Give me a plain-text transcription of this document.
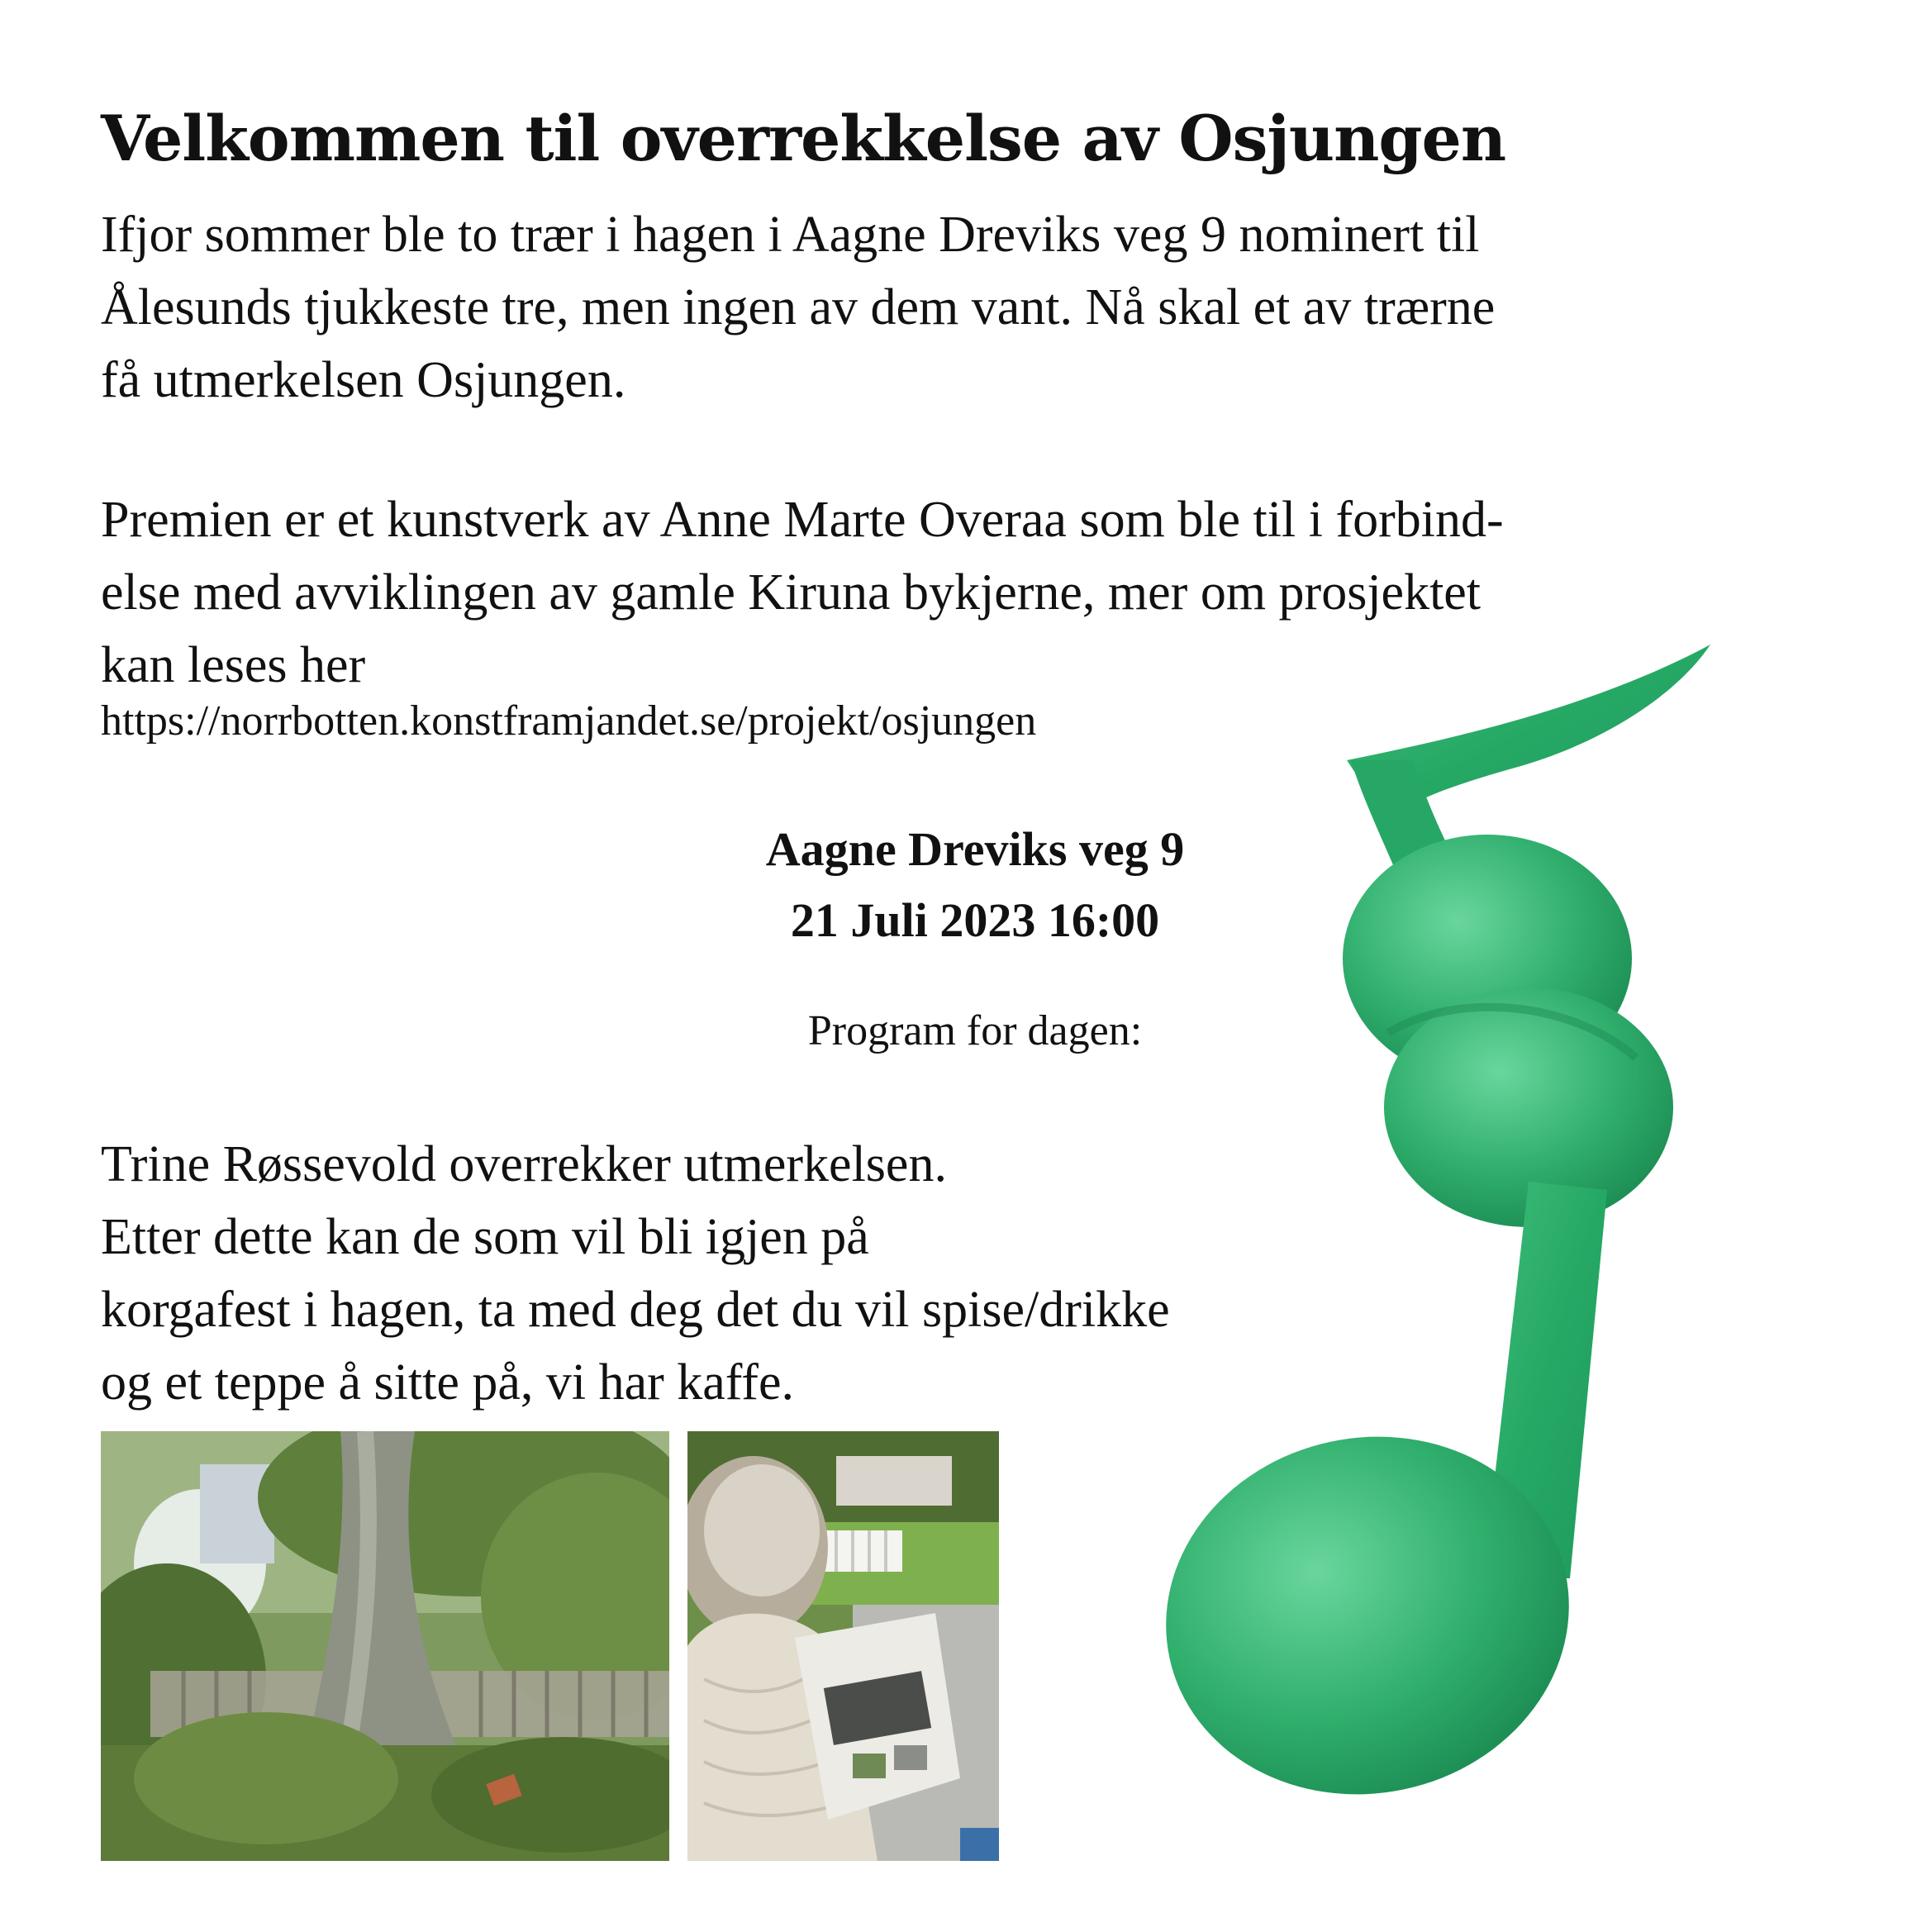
Velkommen til overrekkelse av Osjungen

Ifjor sommer ble to trær i hagen i Aagne Dreviks veg 9 nominert til
Ålesunds tjukkeste tre, men ingen av dem vant. Nå skal et av trærne
få utmerkelsen Osjungen.

Premien er et kunstverk av Anne Marte Overaa som ble til i forbind-
else med avviklingen av gamle Kiruna bykjerne, mer om prosjektet
kan leses her

https://norrbotten.konstframjandet.se/projekt/osjungen

Aagne Dreviks veg 9
21 Juli 2023 16:00
Program for dagen:

Trine Røssevold overrekker utmerkelsen.
Etter dette kan de som vil bli igjen på
korgafest i hagen, ta med deg det du vil spise/drikke
og et teppe å sitte på, vi har kaffe.
